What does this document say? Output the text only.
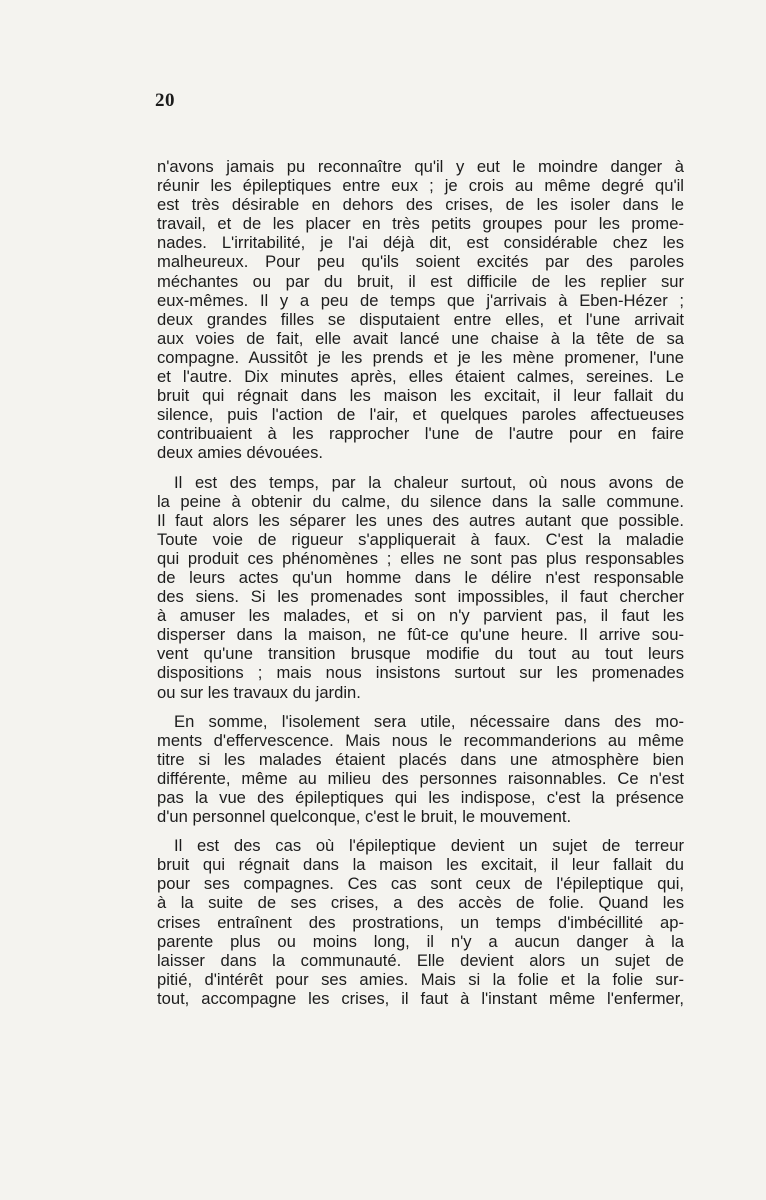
20

n'avons jamais pu reconnaître qu'il y eut le moindre danger à
réunir les épileptiques entre eux ; je crois au même degré qu'il
est très désirable en dehors des crises, de les isoler dans le
travail, et de les placer en très petits groupes pour les prome-
nades. L'irritabilité, je l'ai déjà dit, est considérable chez les
malheureux. Pour peu qu'ils soient excités par des paroles
méchantes ou par du bruit, il est difficile de les replier sur
eux-mêmes. Il y a peu de temps que j'arrivais à Eben-Hézer ;
deux grandes filles se disputaient entre elles, et l'une arrivait
aux voies de fait, elle avait lancé une chaise à la tête de sa
compagne. Aussitôt je les prends et je les mène promener, l'une
et l'autre. Dix minutes après, elles étaient calmes, sereines. Le
bruit qui régnait dans les maison les excitait, il leur fallait du
silence, puis l'action de l'air, et quelques paroles affectueuses
contribuaient à les rapprocher l'une de l'autre pour en faire
deux amies dévouées.

Il est des temps, par la chaleur surtout, où nous avons de
la peine à obtenir du calme, du silence dans la salle commune.
Il faut alors les séparer les unes des autres autant que possible.
Toute voie de rigueur s'appliquerait à faux. C'est la maladie
qui produit ces phénomènes ; elles ne sont pas plus responsables
de leurs actes qu'un homme dans le délire n'est responsable
des siens. Si les promenades sont impossibles, il faut chercher
à amuser les malades, et si on n'y parvient pas, il faut les
disperser dans la maison, ne fût-ce qu'une heure. Il arrive sou-
vent qu'une transition brusque modifie du tout au tout leurs
dispositions ; mais nous insistons surtout sur les promenades
ou sur les travaux du jardin.

En somme, l'isolement sera utile, nécessaire dans des mo-
ments d'effervescence. Mais nous le recommanderions au même
titre si les malades étaient placés dans une atmosphère bien
différente, même au milieu des personnes raisonnables. Ce n'est
pas la vue des épileptiques qui les indispose, c'est la présence
d'un personnel quelconque, c'est le bruit, le mouvement.

Il est des cas où l'épileptique devient un sujet de terreur
bruit qui régnait dans la maison les excitait, il leur fallait du
pour ses compagnes. Ces cas sont ceux de l'épileptique qui,
à la suite de ses crises, a des accès de folie. Quand les
crises entraînent des prostrations, un temps d'imbécillité ap-
parente plus ou moins long, il n'y a aucun danger à la
laisser dans la communauté. Elle devient alors un sujet de
pitié, d'intérêt pour ses amies. Mais si la folie et la folie sur-
tout, accompagne les crises, il faut à l'instant même l'enfermer,
